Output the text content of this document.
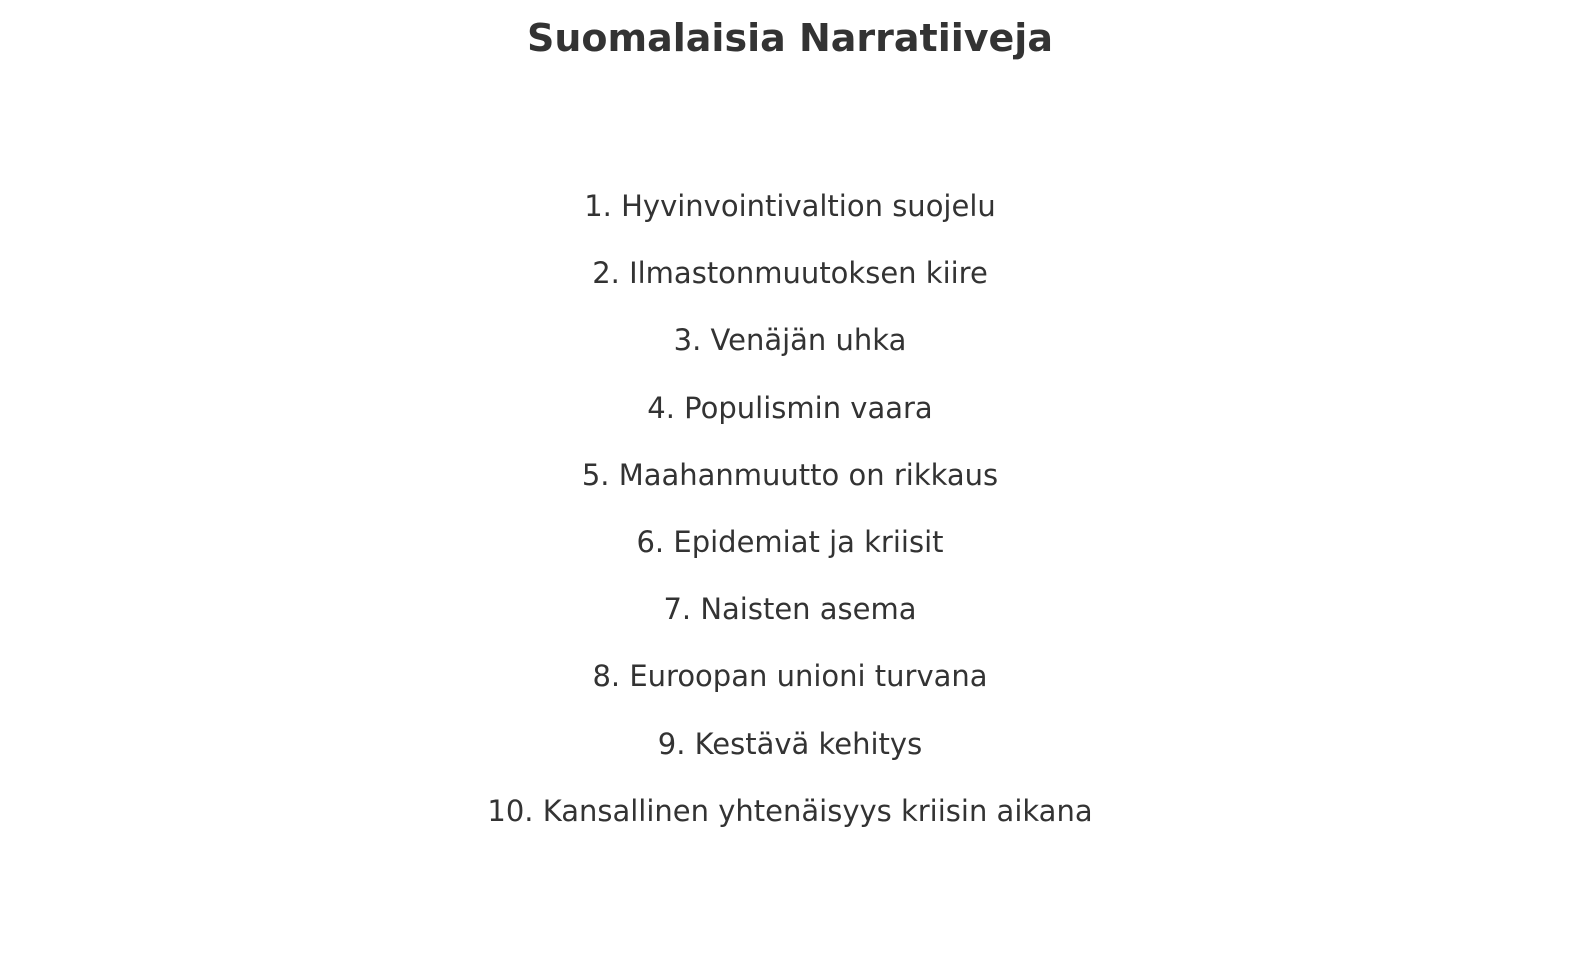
Suomalaisia Narratiiveja
1. Hyvinvointivaltion suojelu
2. Ilmastonmuutoksen kiire
3. Venäjän uhka
4. Populismin vaara
5. Maahanmuutto on rikkaus
6. Epidemiat ja kriisit
7. Naisten asema
8. Euroopan unioni turvana
9. Kestävä kehitys
10. Kansallinen yhtenäisyys kriisin aikana
